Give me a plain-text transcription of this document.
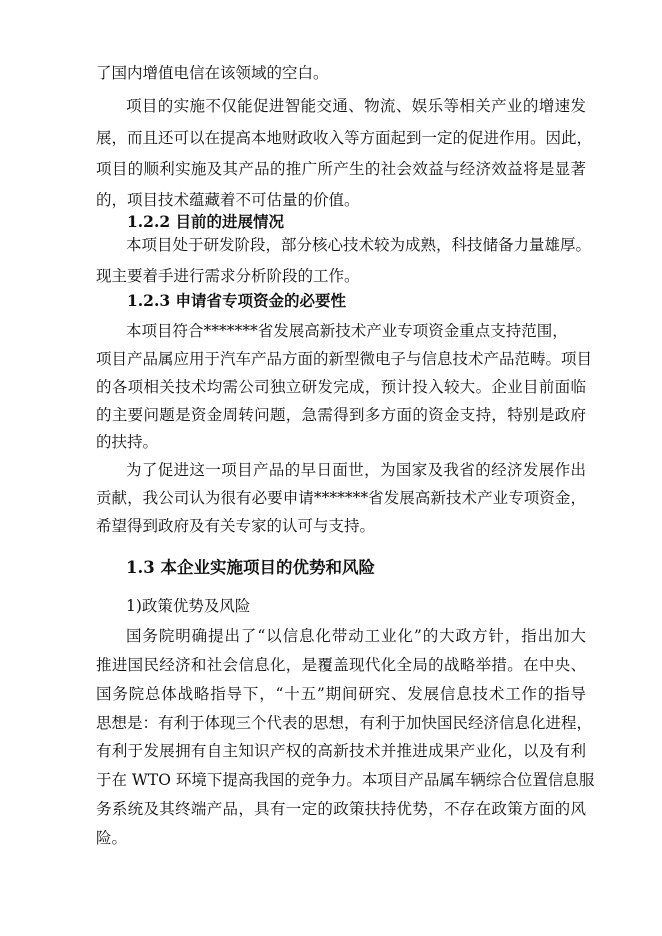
了国内增值电信在该领域的空白。
项目的实施不仅能促进智能交通、物流、娱乐等相关产业的增速发
展，而且还可以在提高本地财政收入等方面起到一定的促进作用。因此，
项目的顺利实施及其产品的推广所产生的社会效益与经济效益将是显著
的，项目技术蕴藏着不可估量的价值。
1.2.2 目前的进展情况
本项目处于研发阶段，部分核心技术较为成熟，科技储备力量雄厚。
现主要着手进行需求分析阶段的工作。
1.2.3 申请省专项资金的必要性
本项目符合*******省发展高新技术产业专项资金重点支持范围，
项目产品属应用于汽车产品方面的新型微电子与信息技术产品范畴。项目
的各项相关技术均需公司独立研发完成，预计投入较大。企业目前面临
的主要问题是资金周转问题，急需得到多方面的资金支持，特别是政府
的扶持。
为了促进这一项目产品的早日面世，为国家及我省的经济发展作出
贡献，我公司认为很有必要申请*******省发展高新技术产业专项资金，
希望得到政府及有关专家的认可与支持。
1.3 本企业实施项目的优势和风险
1)政策优势及风险
国务院明确提出了“以信息化带动工业化”的大政方针，指出加大
推进国民经济和社会信息化，是覆盖现代化全局的战略举措。在中央、
国务院总体战略指导下，“十五”期间研究、发展信息技术工作的指导
思想是：有利于体现三个代表的思想，有利于加快国民经济信息化进程，
有利于发展拥有自主知识产权的高新技术并推进成果产业化，以及有利
于在 WTO 环境下提高我国的竞争力。本项目产品属车辆综合位置信息服
务系统及其终端产品，具有一定的政策扶持优势，不存在政策方面的风
险。
